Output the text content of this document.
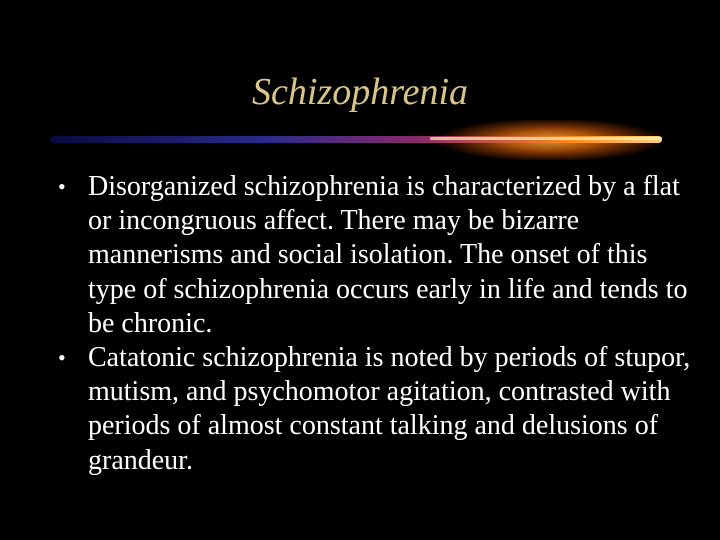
Schizophrenia
• Disorganized schizophrenia is characterized by a flat or incongruous affect. There may be bizarre mannerisms and social isolation. The onset of this type of schizophrenia occurs early in life and tends to be chronic.
• Catatonic schizophrenia is noted by periods of stupor, mutism, and psychomotor agitation, contrasted with periods of almost constant talking and delusions of grandeur.
